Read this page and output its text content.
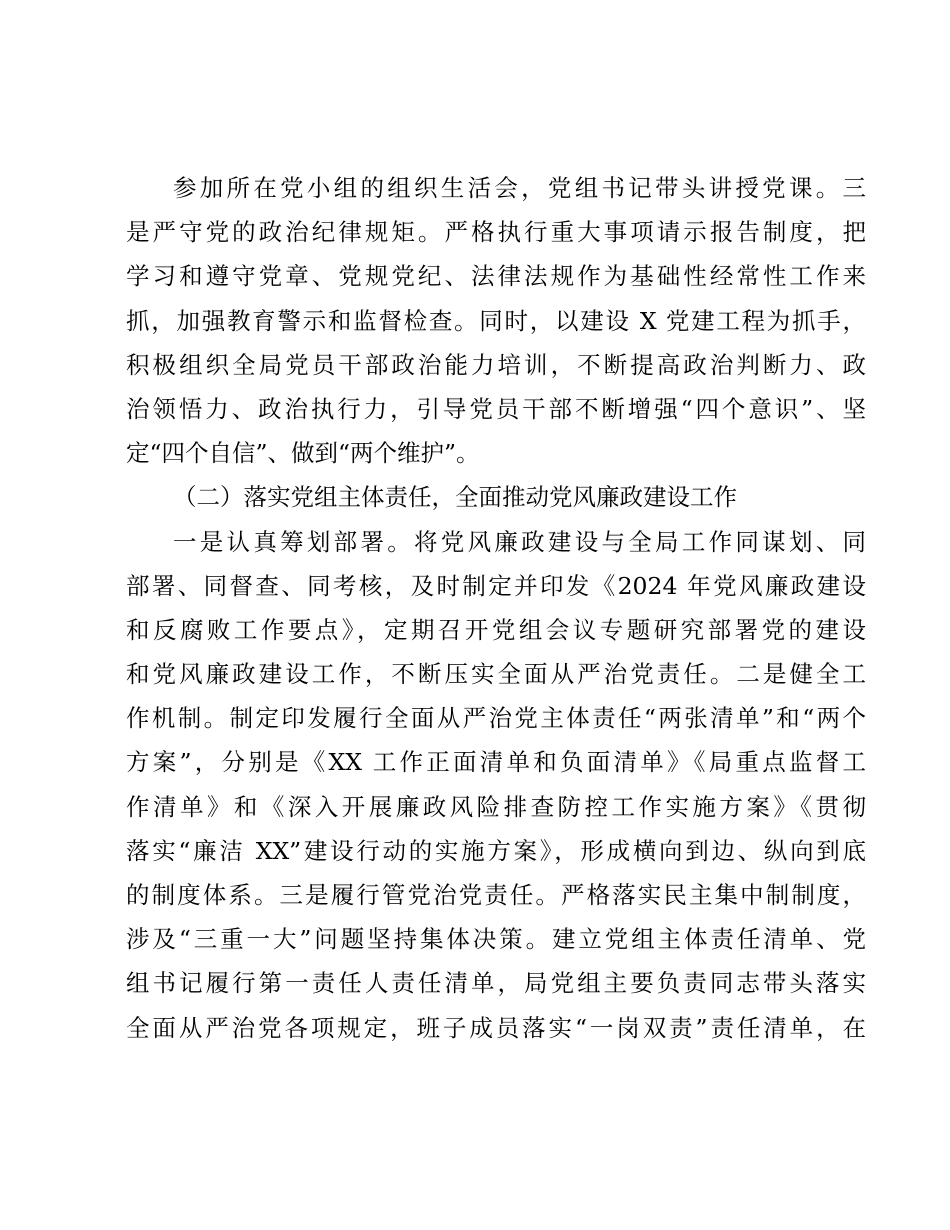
参加所在党小组的组织生活会，党组书记带头讲授党课。三
是严守党的政治纪律规矩。严格执行重大事项请示报告制度，把
学习和遵守党章、党规党纪、法律法规作为基础性经常性工作来
抓，加强教育警示和监督检查。同时，以建设 X 党建工程为抓手，
积极组织全局党员干部政治能力培训，不断提高政治判断力、政
治领悟力、政治执行力，引导党员干部不断增强“四个意识”、坚
定“四个自信”、做到“两个维护”。
（二）落实党组主体责任，全面推动党风廉政建设工作
一是认真筹划部署。将党风廉政建设与全局工作同谋划、同
部署、同督查、同考核，及时制定并印发《2024 年党风廉政建设
和反腐败工作要点》，定期召开党组会议专题研究部署党的建设
和党风廉政建设工作，不断压实全面从严治党责任。二是健全工
作机制。制定印发履行全面从严治党主体责任“两张清单”和“两个
方案”，分别是《XX 工作正面清单和负面清单》《局重点监督工
作清单》和《深入开展廉政风险排查防控工作实施方案》《贯彻
落实“廉洁 XX”建设行动的实施方案》，形成横向到边、纵向到底
的制度体系。三是履行管党治党责任。严格落实民主集中制制度，
涉及“三重一大”问题坚持集体决策。建立党组主体责任清单、党
组书记履行第一责任人责任清单，局党组主要负责同志带头落实
全面从严治党各项规定，班子成员落实“一岗双责”责任清单，在
